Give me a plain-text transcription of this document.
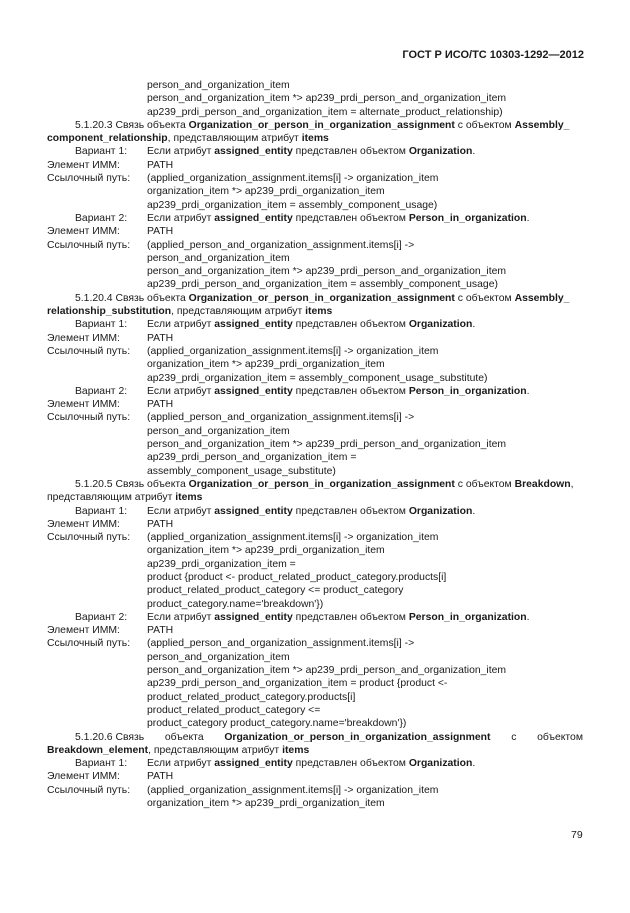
ГОСТ Р ИСО/ТС 10303-1292—2012
person_and_organization_item
person_and_organization_item *> ap239_prdi_person_and_organization_item
ap239_prdi_person_and_organization_item = alternate_product_relationship)
5.1.20.3 Связь объекта Organization_or_person_in_organization_assignment с объектом Assembly_
component_relationship, представляющим атрибут items
Вариант 1: Если атрибут assigned_entity представлен объектом Organization.
Элемент ИММ:	PATH
Ссылочный путь: (applied_organization_assignment.items[i] -> organization_item
organization_item *> ap239_prdi_organization_item
ap239_prdi_organization_item = assembly_component_usage)
Вариант 2: Если атрибут assigned_entity представлен объектом Person_in_organization.
Элемент ИММ:	PATH
Ссылочный путь: (applied_person_and_organization_assignment.items[i] ->
person_and_organization_item
person_and_organization_item *> ap239_prdi_person_and_organization_item
ap239_prdi_person_and_organization_item = assembly_component_usage)
5.1.20.4 Связь объекта Organization_or_person_in_organization_assignment с объектом Assembly_
relationship_substitution, представляющим атрибут items
Вариант 1: Если атрибут assigned_entity представлен объектом Organization.
Элемент ИММ:	PATH
Ссылочный путь: (applied_organization_assignment.items[i] -> organization_item
organization_item *> ap239_prdi_organization_item
ap239_prdi_organization_item = assembly_component_usage_substitute)
Вариант 2: Если атрибут assigned_entity представлен объектом Person_in_organization.
Элемент ИММ:	PATH
Ссылочный путь: (applied_person_and_organization_assignment.items[i] ->
person_and_organization_item
person_and_organization_item *> ap239_prdi_person_and_organization_item
ap239_prdi_person_and_organization_item =
assembly_component_usage_substitute)
5.1.20.5 Связь объекта Organization_or_person_in_organization_assignment с объектом Breakdown,
представляющим атрибут items
Вариант 1: Если атрибут assigned_entity представлен объектом Organization.
Элемент ИММ:	PATH
Ссылочный путь: (applied_organization_assignment.items[i] -> organization_item
organization_item *> ap239_prdi_organization_item
ap239_prdi_organization_item =
product {product <- product_related_product_category.products[i]
product_related_product_category <= product_category
product_category.name='breakdown'})
Вариант 2: Если атрибут assigned_entity представлен объектом Person_in_organization.
Элемент ИММ:	PATH
Ссылочный путь: (applied_person_and_organization_assignment.items[i] ->
person_and_organization_item
person_and_organization_item *> ap239_prdi_person_and_organization_item
ap239_prdi_person_and_organization_item = product {product <-
product_related_product_category.products[i]
product_related_product_category <=
product_category product_category.name='breakdown'})
5.1.20.6 Связь объекта Organization_or_person_in_organization_assignment с объектом
Breakdown_element, представляющим атрибут items
Вариант 1: Если атрибут assigned_entity представлен объектом Organization.
Элемент ИММ:	PATH
Ссылочный путь: (applied_organization_assignment.items[i] -> organization_item
organization_item *> ap239_prdi_organization_item
79
